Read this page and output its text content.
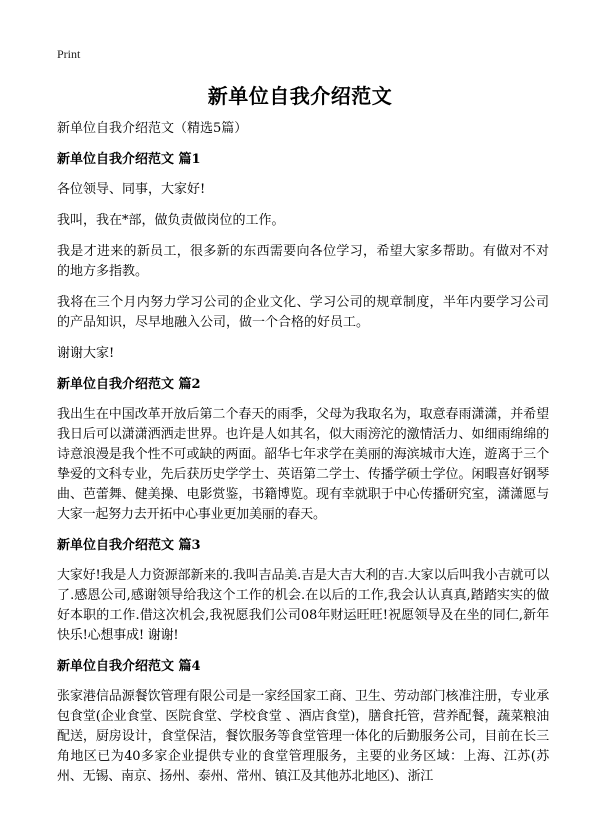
Print
新单位自我介绍范文

新单位自我介绍范文（精选5篇）

新单位自我介绍范文 篇1

各位领导、同事，大家好!

我叫，我在*部，做负责做岗位的工作。

我是才进来的新员工，很多新的东西需要向各位学习，希望大家多帮助。有做对不对的地方多指教。

我将在三个月内努力学习公司的企业文化、学习公司的规章制度，半年内要学习公司的产品知识，尽早地融入公司，做一个合格的好员工。

谢谢大家!

新单位自我介绍范文 篇2

我出生在中国改革开放后第二个春天的雨季，父母为我取名为，取意春雨潇潇，并希望我日后可以潇潇洒洒走世界。也许是人如其名，似大雨滂沱的激情活力、如细雨绵绵的诗意浪漫是我个性不可或缺的两面。韶华七年求学在美丽的海滨城市大连，遊离于三个挚爱的文科专业，先后获历史学学士、英语第二学士、传播学硕士学位。闲暇喜好钢琴曲、芭蕾舞、健美操、电影赏鉴，书籍博览。现有幸就职于中心传播研究室，潇潇愿与大家一起努力去开拓中心事业更加美丽的春天。

新单位自我介绍范文 篇3

大家好!我是人力资源部新来的.我叫吉品美.吉是大吉大利的吉.大家以后叫我小吉就可以了.感恩公司,感谢领导给我这个工作的机会.在以后的工作,我会认认真真,踏踏实实的做好本职的工作.借这次机会,我祝愿我们公司08年财运旺旺!祝愿领导及在坐的同仁,新年快乐!心想事成! 谢谢!

新单位自我介绍范文 篇4

张家港信品源餐饮管理有限公司是一家经国家工商、卫生、劳动部门核准注册，专业承包食堂(企业食堂、医院食堂、学校食堂 、酒店食堂)，膳食托管，营养配餐，蔬菜粮油配送，厨房设计，食堂保洁，餐饮服务等食堂管理一体化的后勤服务公司，目前在长三角地区已为40多家企业提供专业的食堂管理服务，主要的业务区域：上海、江苏(苏州、无锡、南京、扬州、泰州、常州、镇江及其他苏北地区)、浙江
